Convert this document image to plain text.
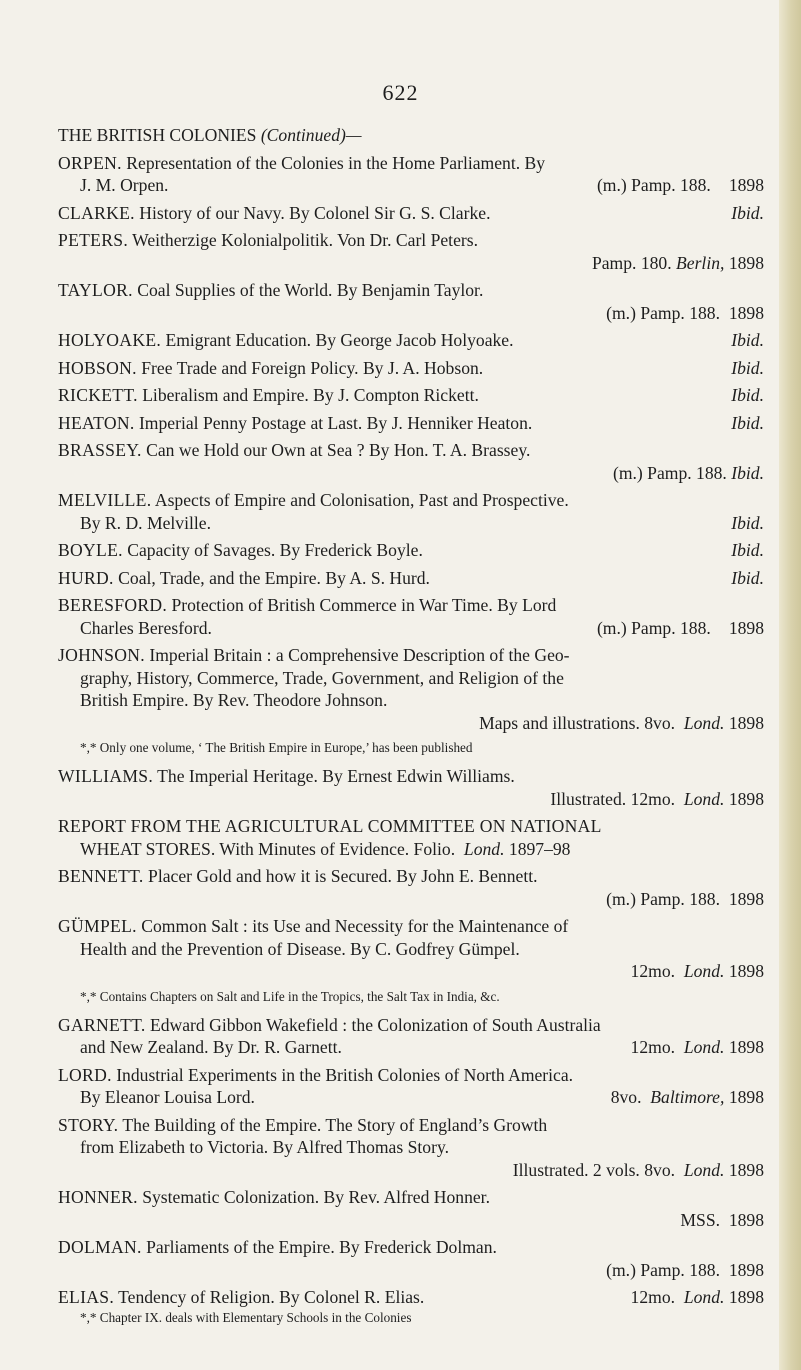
622
THE BRITISH COLONIES (Continued)—
ORPEN. Representation of the Colonies in the Home Parliament. By
J. M. Orpen.	(m.) Pamp. 188. 1898
CLARKE. History of our Navy. By Colonel Sir G. S. Clarke.	Ibid.
PETERS. Weitherzige Kolonialpolitik. Von Dr. Carl Peters.
Pamp. 180. Berlin, 1898
TAYLOR. Coal Supplies of the World. By Benjamin Taylor.
(m.) Pamp. 188. 1898
HOLYOAKE. Emigrant Education. By George Jacob Holyoake.	Ibid.
HOBSON. Free Trade and Foreign Policy. By J. A. Hobson.	Ibid.
RICKETT. Liberalism and Empire. By J. Compton Rickett.	Ibid.
HEATON. Imperial Penny Postage at Last. By J. Henniker Heaton.	Ibid.
BRASSEY. Can we Hold our Own at Sea ? By Hon. T. A. Brassey.
(m.) Pamp. 188. Ibid.
MELVILLE. Aspects of Empire and Colonisation, Past and Prospective.
By R. D. Melville.	Ibid.
BOYLE. Capacity of Savages. By Frederick Boyle.	Ibid.
HURD. Coal, Trade, and the Empire. By A. S. Hurd.	Ibid.
BERESFORD. Protection of British Commerce in War Time. By Lord
Charles Beresford.	(m.) Pamp. 188. 1898
JOHNSON. Imperial Britain : a Comprehensive Description of the Geo-
graphy, History, Commerce, Trade, Government, and Religion of the
British Empire. By Rev. Theodore Johnson.
Maps and illustrations. 8vo. Lond. 1898
*,* Only one volume, ‘ The British Empire in Europe,’ has been published
WILLIAMS. The Imperial Heritage. By Ernest Edwin Williams.
Illustrated. 12mo. Lond. 1898
REPORT FROM THE AGRICULTURAL COMMITTEE ON NATIONAL
WHEAT STORES. With Minutes of Evidence. Folio. Lond. 1897–98
BENNETT. Placer Gold and how it is Secured. By John E. Bennett.
(m.) Pamp. 188. 1898
GÜMPEL. Common Salt : its Use and Necessity for the Maintenance of
Health and the Prevention of Disease. By C. Godfrey Gümpel.
12mo. Lond. 1898
*,* Contains Chapters on Salt and Life in the Tropics, the Salt Tax in India, &c.
GARNETT. Edward Gibbon Wakefield : the Colonization of South Australia
and New Zealand. By Dr. R. Garnett.	12mo. Lond. 1898
LORD. Industrial Experiments in the British Colonies of North America.
By Eleanor Louisa Lord.	8vo. Baltimore, 1898
STORY. The Building of the Empire. The Story of England’s Growth
from Elizabeth to Victoria. By Alfred Thomas Story.
Illustrated. 2 vols. 8vo. Lond. 1898
HONNER. Systematic Colonization. By Rev. Alfred Honner.
MSS. 1898
DOLMAN. Parliaments of the Empire. By Frederick Dolman.
(m.) Pamp. 188. 1898
ELIAS. Tendency of Religion. By Colonel R. Elias.	12mo. Lond. 1898
*,* Chapter IX. deals with Elementary Schools in the Colonies
